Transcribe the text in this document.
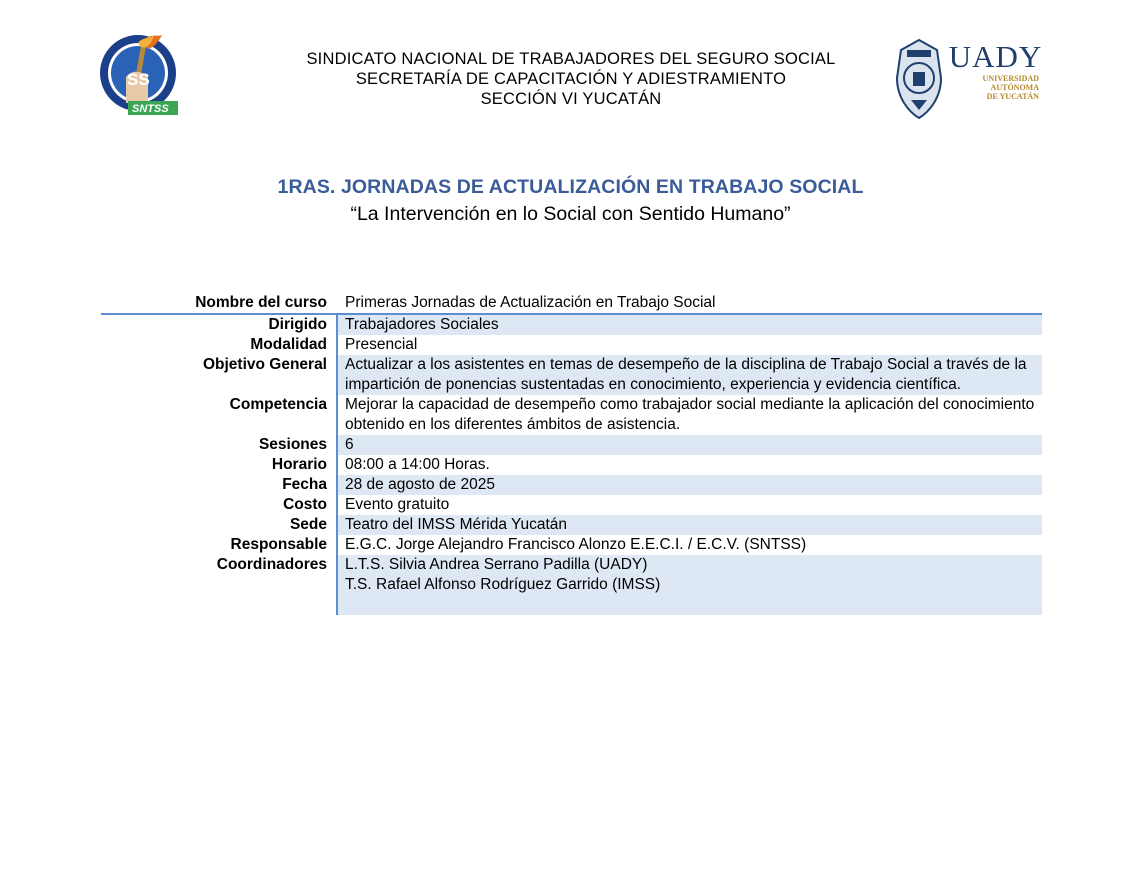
SS
SNTSS
SINDICATO NACIONAL DE TRABAJADORES DEL SEGURO SOCIAL
SECRETARÍA DE CAPACITACIÓN Y ADIESTRAMIENTO
SECCIÓN VI YUCATÁN
UADY
UNIVERSIDAD
AUTÓNOMA
DE YUCATÁN
1RAS. JORNADAS DE ACTUALIZACIÓN EN TRABAJO SOCIAL
“La Intervención en lo Social con Sentido Humano”
Nombre del curso	Primeras Jornadas de Actualización en Trabajo Social
Dirigido	Trabajadores Sociales
Modalidad	Presencial
Objetivo General	Actualizar a los asistentes en temas de desempeño de la disciplina de Trabajo Social a través de la impartición de ponencias sustentadas en conocimiento, experiencia y evidencia científica.
Competencia	Mejorar la capacidad de desempeño como trabajador social mediante la aplicación del conocimiento obtenido en los diferentes ámbitos de asistencia.
Sesiones	6
Horario	08:00 a 14:00 Horas.
Fecha	28 de agosto de 2025
Costo	Evento gratuito
Sede	Teatro del IMSS Mérida Yucatán
Responsable	E.G.C. Jorge Alejandro Francisco Alonzo E.E.C.I. / E.C.V. (SNTSS)
Coordinadores	L.T.S. Silvia Andrea Serrano Padilla (UADY)
T.S. Rafael Alfonso Rodríguez Garrido (IMSS)
